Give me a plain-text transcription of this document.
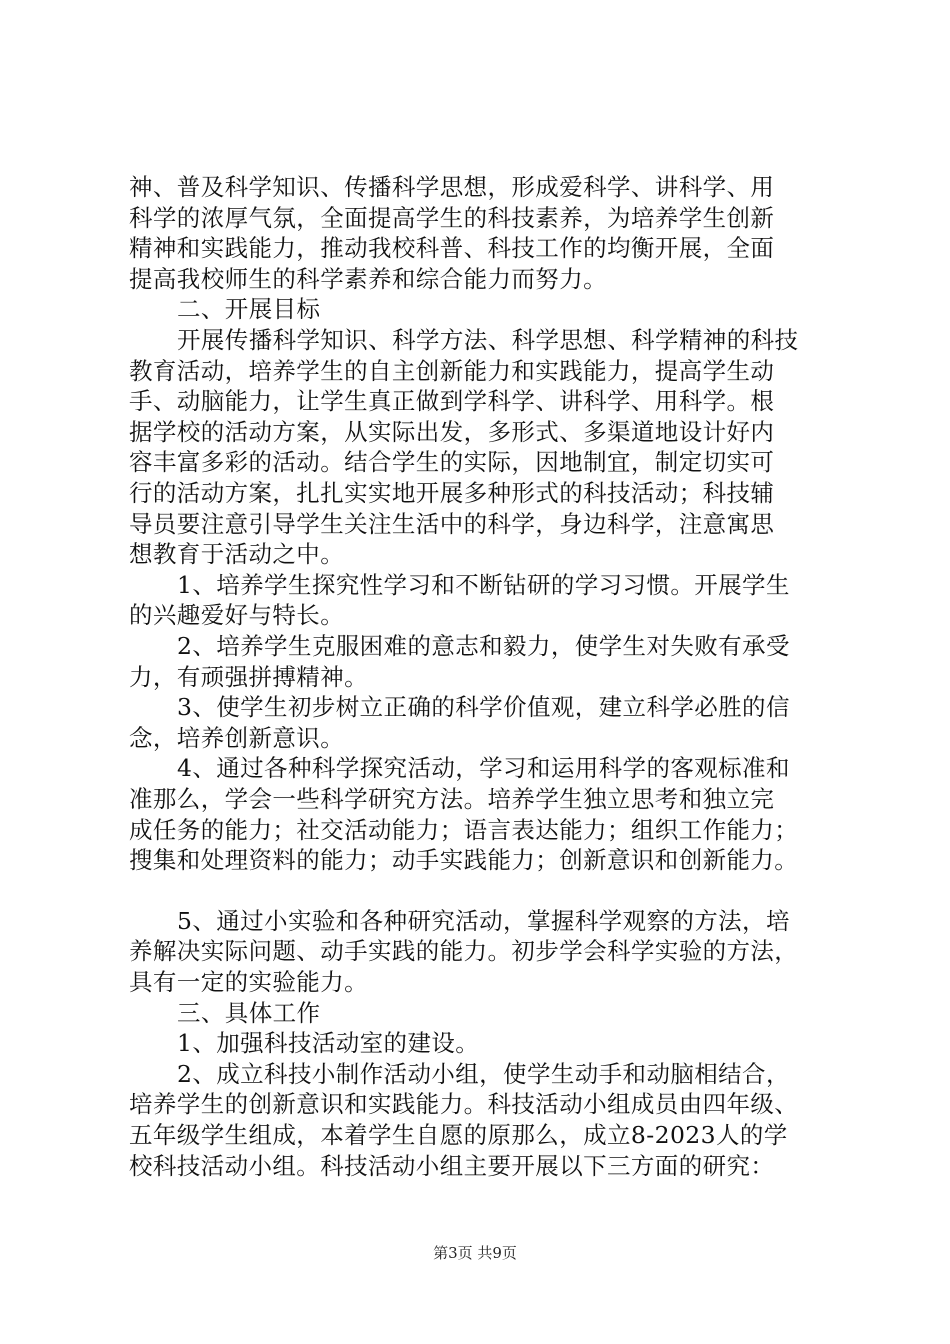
神、普及科学知识、传播科学思想，形成爱科学、讲科学、用
科学的浓厚气氛，全面提高学生的科技素养，为培养学生创新
精神和实践能力，推动我校科普、科技工作的均衡开展，全面
提高我校师生的科学素养和综合能力而努力。
二、开展目标
开展传播科学知识、科学方法、科学思想、科学精神的科技
教育活动，培养学生的自主创新能力和实践能力，提高学生动
手、动脑能力，让学生真正做到学科学、讲科学、用科学。根
据学校的活动方案，从实际出发，多形式、多渠道地设计好内
容丰富多彩的活动。结合学生的实际，因地制宜，制定切实可
行的活动方案，扎扎实实地开展多种形式的科技活动；科技辅
导员要注意引导学生关注生活中的科学，身边科学，注意寓思
想教育于活动之中。
1、培养学生探究性学习和不断钻研的学习习惯。开展学生
的兴趣爱好与特长。
2、培养学生克服困难的意志和毅力，使学生对失败有承受
力，有顽强拼搏精神。
3、使学生初步树立正确的科学价值观，建立科学必胜的信
念，培养创新意识。
4、通过各种科学探究活动，学习和运用科学的客观标准和
准那么，学会一些科学研究方法。培养学生独立思考和独立完
成任务的能力；社交活动能力；语言表达能力；组织工作能力；
搜集和处理资料的能力；动手实践能力；创新意识和创新能力。
5、通过小实验和各种研究活动，掌握科学观察的方法，培
养解决实际问题、动手实践的能力。初步学会科学实验的方法，
具有一定的实验能力。
三、具体工作
1、加强科技活动室的建设。
2、成立科技小制作活动小组，使学生动手和动脑相结合，
培养学生的创新意识和实践能力。科技活动小组成员由四年级、
五年级学生组成，本着学生自愿的原那么，成立8-2023人的学
校科技活动小组。科技活动小组主要开展以下三方面的研究：
第3页 共9页
